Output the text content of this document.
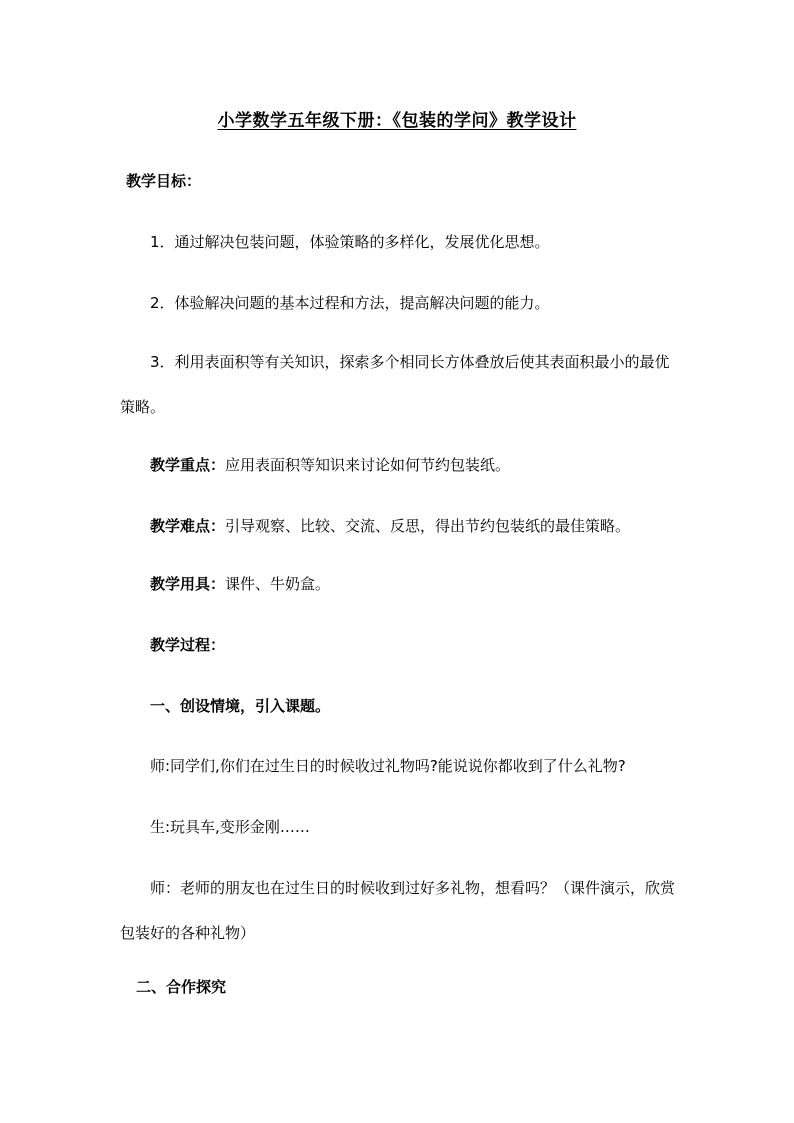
小学数学五年级下册：《包装的学问》教学设计
教学目标：
1．通过解决包装问题，体验策略的多样化，发展优化思想。
2．体验解决问题的基本过程和方法，提高解决问题的能力。
3．利用表面积等有关知识，探索多个相同长方体叠放后使其表面积最小的最优策略。
教学重点：应用表面积等知识来讨论如何节约包装纸。
教学难点：引导观察、比较、交流、反思，得出节约包装纸的最佳策略。
教学用具：课件、牛奶盒。
教学过程：
一、创设情境，引入课题。
师:同学们,你们在过生日的时候收过礼物吗?能说说你都收到了什么礼物?
生:玩具车,变形金刚……
师：老师的朋友也在过生日的时候收到过好多礼物，想看吗？（课件演示，欣赏包装好的各种礼物）
二、合作探究
